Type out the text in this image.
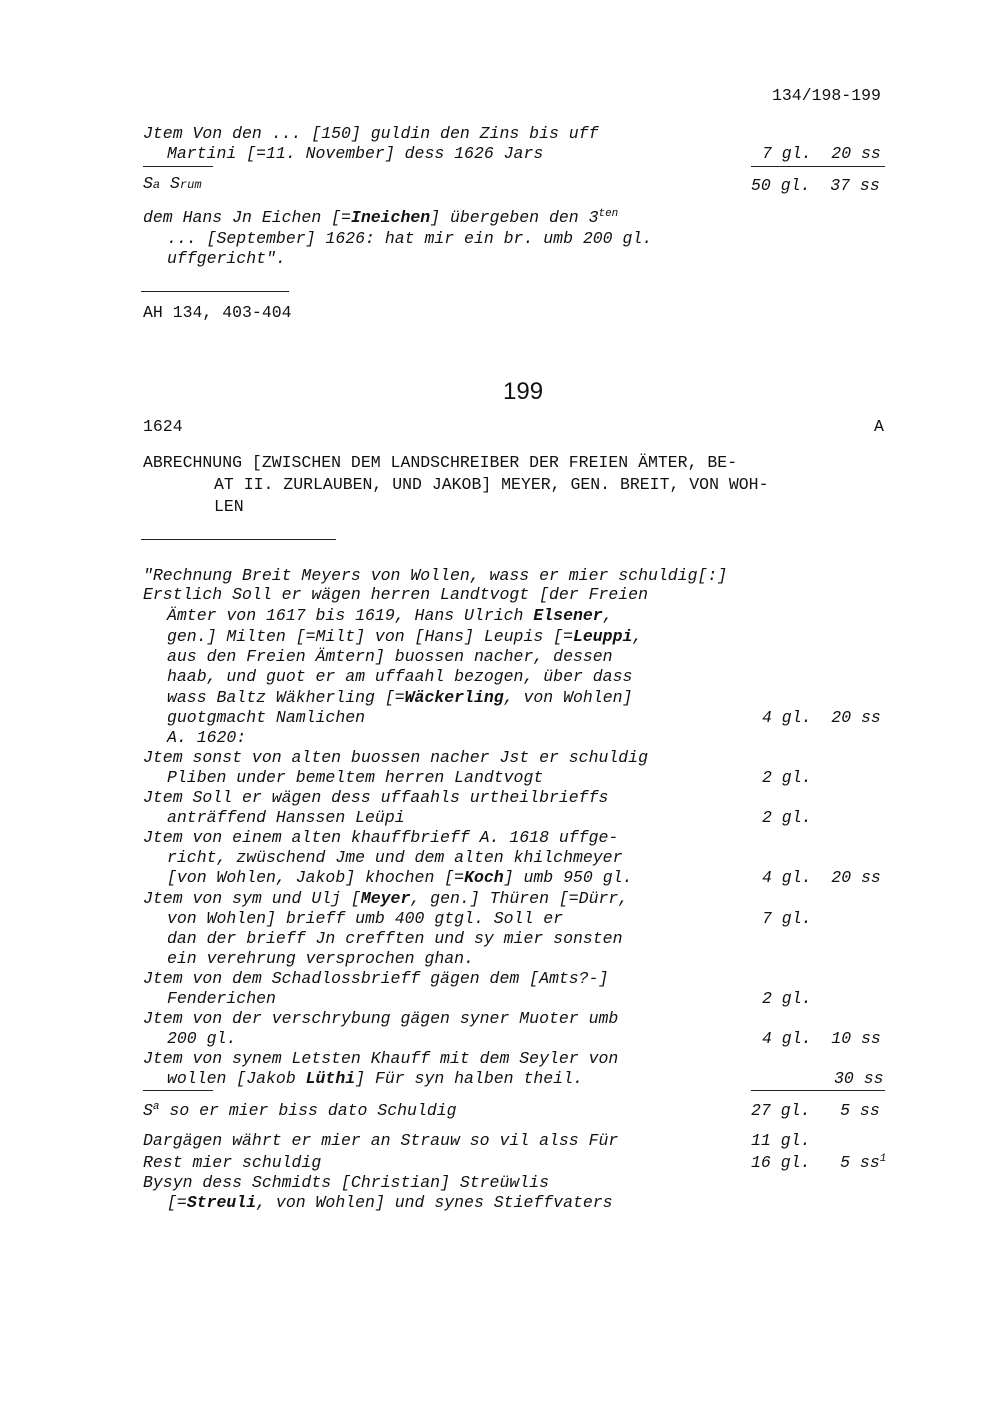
134/198-199
Jtem Von den ... [150] guldin den Zins bis uff
Martini [=11. November] dess 1626 Jars	7 gl.  20 ss
Sa Srum	50 gl.  37 ss
dem Hans Jn Eichen [=Ineichen] übergeben den $3^{ten}$
... [September] 1626: hat mir ein br. umb 200 gl.
uffgericht".
AH 134, 403-404
199
1624	A
ABRECHNUNG [ZWISCHEN DEM LANDSCHREIBER DER FREIEN ÄMTER, BE-
AT II. ZURLAUBEN, UND JAKOB] MEYER, GEN. BREIT, VON WOH-
LEN
"Rechnung Breit Meyers von Wollen, wass er mier schuldig[:]
Erstlich Soll er wägen herren Landtvogt [der Freien
Ämter von 1617 bis 1619, Hans Ulrich Elsener,
gen.] Milten [=Milt] von [Hans] Leupis [=Leuppi,
aus den Freien Ämtern] buossen nacher, dessen
haab, und guot er am uffaahl bezogen, über dass
wass Baltz Wäkherling [=Wäckerling, von Wohlen]
guotgmacht Namlichen	4 gl.  20 ss
A. 1620:
Jtem sonst von alten buossen nacher Jst er schuldig
Pliben under bemeltem herren Landtvogt	2 gl.
Jtem Soll er wägen dess uffaahls urtheilbrieffs
anträffend Hanssen Leüpi	2 gl.
Jtem von einem alten khauffbrieff A. 1618 uffge-
richt, zwüschend Jme und dem alten khilchmeyer
[von Wohlen, Jakob] khochen [=Koch] umb 950 gl.	4 gl.  20 ss
Jtem von sym und Ulj [Meyer, gen.] Thüren [=Dürr,
von Wohlen] brieff umb 400 gtgl. Soll er	7 gl.
dan der brieff Jn crefften und sy mier sonsten
ein verehrung versprochen ghan.
Jtem von dem Schadlossbrieff gägen dem [Amts?-]
Fenderichen	2 gl.
Jtem von der verschrybung gägen syner Muoter umb
200 gl.	4 gl.  10 ss
Jtem von synem Letsten Khauff mit dem Seyler von
wollen [Jakob Lüthi] Für syn halben theil.	30 ss
$S^a$ so er mier biss dato Schuldig	27 gl.   5 ss
Dargägen währt er mier an Strauw so vil alss Für	11 gl.
Rest mier schuldig	16 gl.   5 $ss^1$
Bysyn dess Schmidts [Christian] Streüwlis
[=Streuli, von Wohlen] und synes Stieffvaters
